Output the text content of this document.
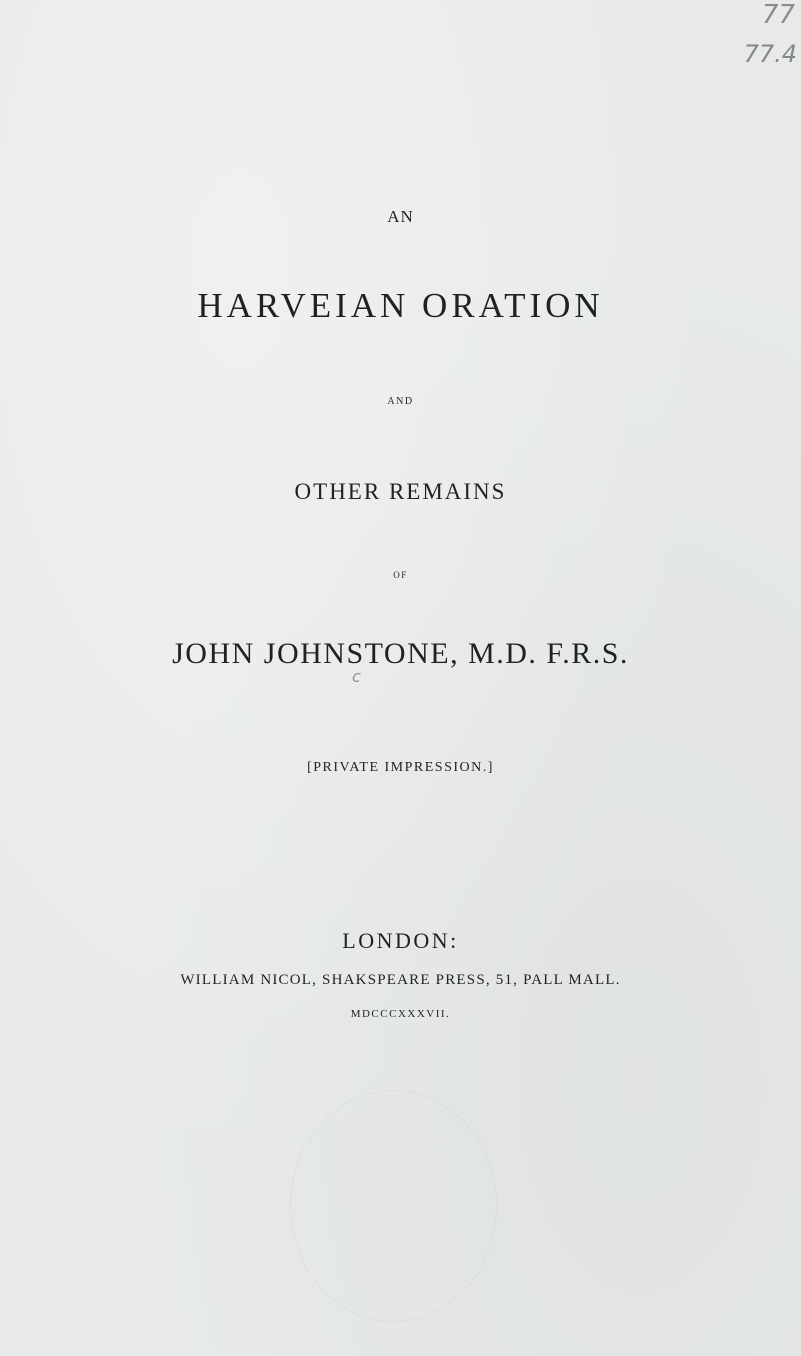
77
77.4
AN
HARVEIAN ORATION
AND
OTHER REMAINS
OF
JOHN JOHNSTONE, M.D. F.R.S.
c
[PRIVATE IMPRESSION.]
LONDON:
WILLIAM NICOL, SHAKSPEARE PRESS, 51, PALL MALL.
MDCCCXXXVII.
